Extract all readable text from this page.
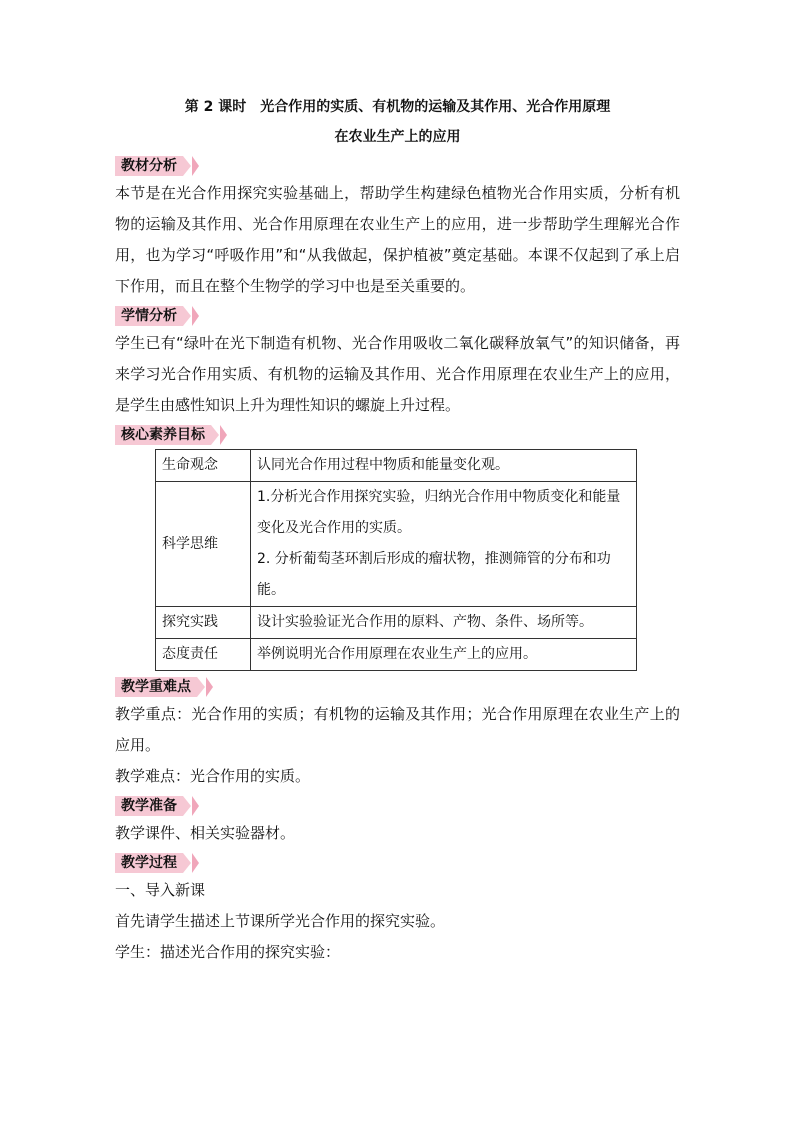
第 2 课时　光合作用的实质、有机物的运输及其作用、光合作用原理
在农业生产上的应用
教材分析

本节是在光合作用探究实验基础上，帮助学生构建绿色植物光合作用实质，分析有机物的运输及其作用、光合作用原理在农业生产上的应用，进一步帮助学生理解光合作用，也为学习“呼吸作用”和“从我做起，保护植被”奠定基础。本课不仅起到了承上启下作用，而且在整个生物学的学习中也是至关重要的。

学情分析

学生已有“绿叶在光下制造有机物、光合作用吸收二氧化碳释放氧气”的知识储备，再来学习光合作用实质、有机物的运输及其作用、光合作用原理在农业生产上的应用，是学生由感性知识上升为理性知识的螺旋上升过程。

核心素养目标
生命观念	认同光合作用过程中物质和能量变化观。
科学思维	1.分析光合作用探究实验，归纳光合作用中物质变化和能量变化及光合作用的实质。
2. 分析葡萄茎环割后形成的瘤状物，推测筛管的分布和功能。

探究实践	设计实验验证光合作用的原料、产物、条件、场所等。
态度责任	举例说明光合作用原理在农业生产上的应用。
教学重难点

教学重点：光合作用的实质；有机物的运输及其作用；光合作用原理在农业生产上的应用。

教学难点：光合作用的实质。

教学准备

教学课件、相关实验器材。

教学过程

一、导入新课

首先请学生描述上节课所学光合作用的探究实验。

学生：描述光合作用的探究实验：
